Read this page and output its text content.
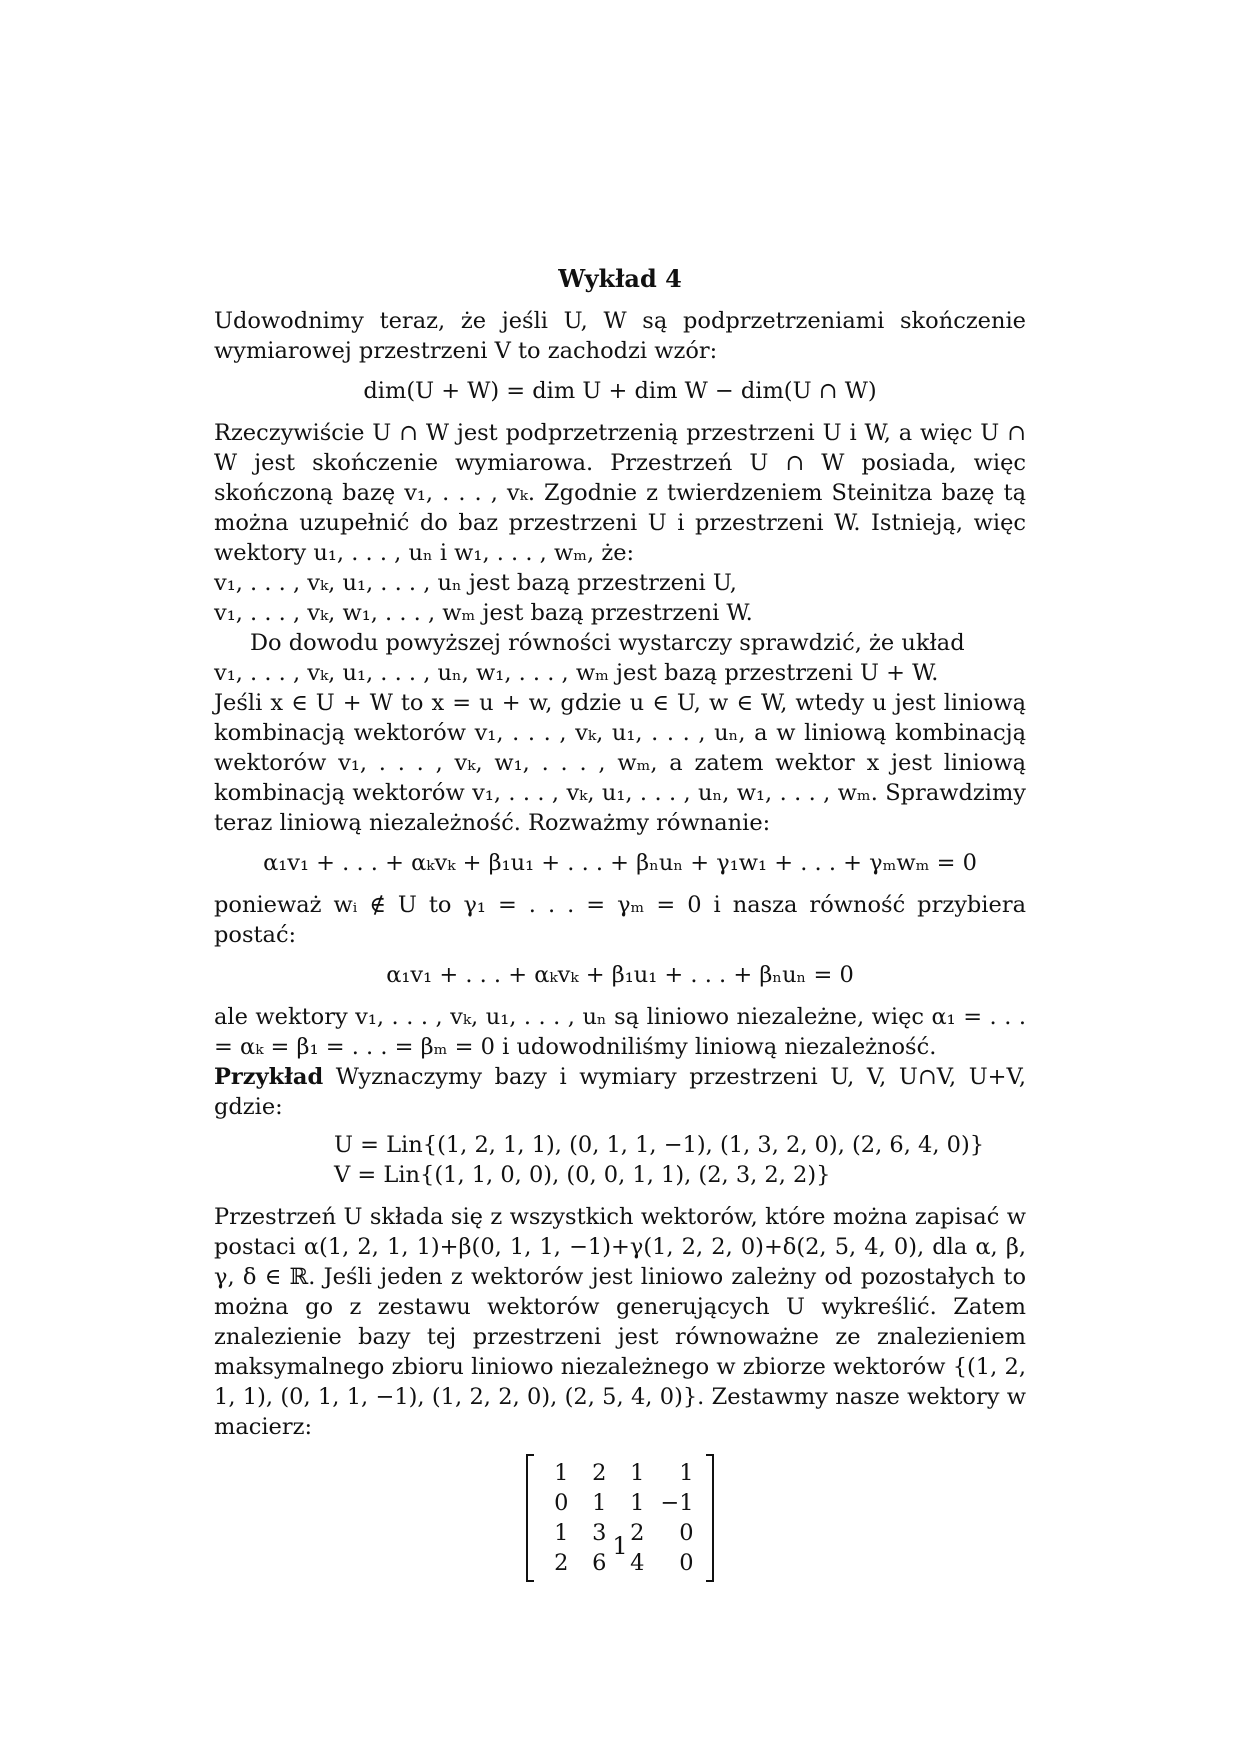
Wykład 4

Udowodnimy teraz, że jeśli U, W są podprzetrzeniami skończenie wymiarowej przestrzeni V to zachodzi wzór:

dim(U + W) = dim U + dim W − dim(U ∩ W)

Rzeczywiście U ∩ W jest podprzetrzenią przestrzeni U i W, a więc U ∩ W jest skończenie wymiarowa. Przestrzeń U ∩ W posiada, więc skończoną bazę v₁, . . . , vₖ. Zgodnie z twierdzeniem Steinitza bazę tą można uzupełnić do baz przestrzeni U i przestrzeni W. Istnieją, więc wektory u₁, . . . , uₙ i w₁, . . . , wₘ, że:

v₁, . . . , vₖ, u₁, . . . , uₙ jest bazą przestrzeni U,

v₁, . . . , vₖ, w₁, . . . , wₘ jest bazą przestrzeni W.

Do dowodu powyższej równości wystarczy sprawdzić, że układ

v₁, . . . , vₖ, u₁, . . . , uₙ, w₁, . . . , wₘ jest bazą przestrzeni U + W.

Jeśli x ∈ U + W to x = u + w, gdzie u ∈ U, w ∈ W, wtedy u jest liniową kombinacją wektorów v₁, . . . , vₖ, u₁, . . . , uₙ, a w liniową kombinacją wektorów v₁, . . . , vₖ, w₁, . . . , wₘ, a zatem wektor x jest liniową kombinacją wektorów v₁, . . . , vₖ, u₁, . . . , uₙ, w₁, . . . , wₘ. Sprawdzimy teraz liniową niezależność. Rozważmy równanie:

α₁v₁ + . . . + αₖvₖ + β₁u₁ + . . . + βₙuₙ + γ₁w₁ + . . . + γₘwₘ = 0

ponieważ wᵢ ∉ U to γ₁ = . . . = γₘ = 0 i nasza równość przybiera postać:

α₁v₁ + . . . + αₖvₖ + β₁u₁ + . . . + βₙuₙ = 0

ale wektory v₁, . . . , vₖ, u₁, . . . , uₙ są liniowo niezależne, więc α₁ = . . . = αₖ = β₁ = . . . = βₘ = 0 i udowodniliśmy liniową niezależność.

Przykład Wyznaczymy bazy i wymiary przestrzeni U, V, U∩V, U+V, gdzie:

U = Lin{(1, 2, 1, 1), (0, 1, 1, −1), (1, 3, 2, 0), (2, 6, 4, 0)}
V = Lin{(1, 1, 0, 0), (0, 0, 1, 1), (2, 3, 2, 2)}

Przestrzeń U składa się z wszystkich wektorów, które można zapisać w postaci α(1, 2, 1, 1)+β(0, 1, 1, −1)+γ(1, 2, 2, 0)+δ(2, 5, 4, 0), dla α, β, γ, δ ∈ ℝ. Jeśli jeden z wektorów jest liniowo zależny od pozostałych to można go z zestawu wektorów generujących U wykreślić. Zatem znalezienie bazy tej przestrzeni jest równoważne ze znalezieniem maksymalnego zbioru liniowo niezależnego w zbiorze wektorów {(1, 2, 1, 1), (0, 1, 1, −1), (1, 2, 2, 0), (2, 5, 4, 0)}. Zestawmy nasze wektory w macierz:

1	2	1	1
0	1	1	−1
1	3	2	0
2	6	4	0
1
